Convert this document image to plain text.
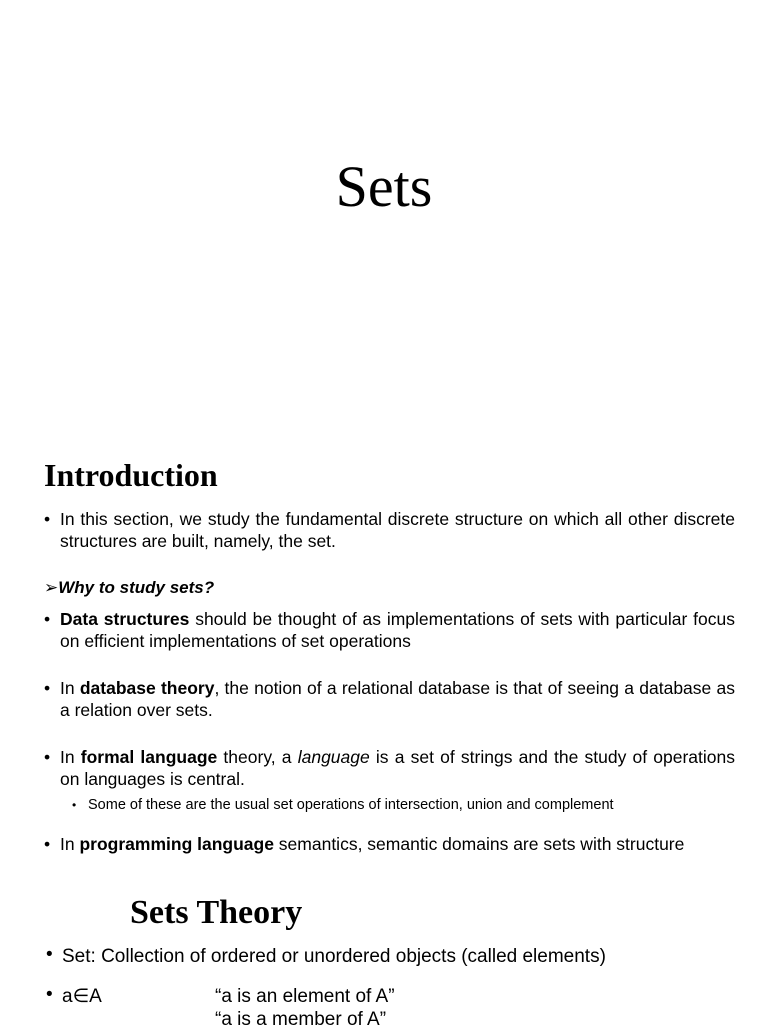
Sets
Introduction
• In this section, we study the fundamental discrete structure on which all other discrete structures are built, namely, the set.
➢Why to study sets?
• Data structures should be thought of as implementations of sets with particular focus on efficient implementations of set operations
• In database theory, the notion of a relational database is that of seeing a database as a relation over sets.
• In formal language theory, a language is a set of strings and the study of operations on languages is central.
• Some of these are the usual set operations of intersection, union and complement
• In programming language semantics, semantic domains are sets with structure
Sets Theory
• Set: Collection of ordered or unordered objects (called elements)
• a∈A	“a is an element of A”
“a is a member of A”
